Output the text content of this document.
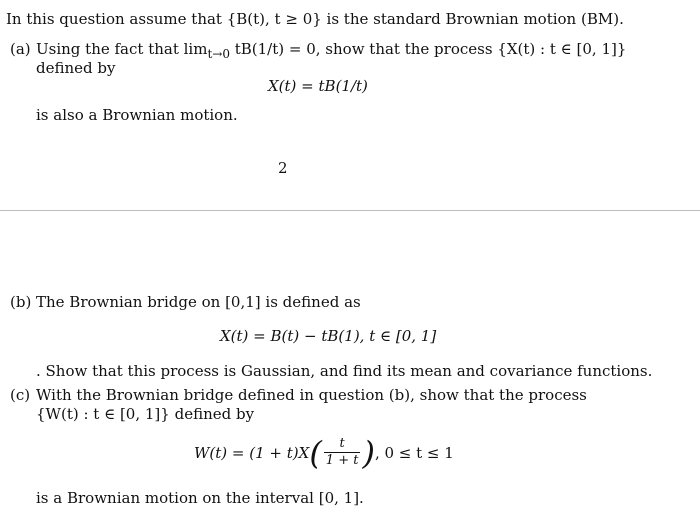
In this question assume that {B(t), t ≥ 0} is the standard Brownian motion (BM).
(a) Using the fact that $\lim_{t\to 0} tB(1/t) = 0$, show that the process {X(t) : t ∈ [0, 1]}
defined by
X(t) = tB(1/t)
is also a Brownian motion.
2
(b) The Brownian bridge on [0,1] is defined as
X(t) = B(t) − tB(1), t ∈ [0, 1]
. Show that this process is Gaussian, and find its mean and covariance functions.
(c) With the Brownian bridge defined in question (b), show that the process
{W(t) : t ∈ [0, 1]} defined by
W(t) = (1 + t)X ( $\frac{t}{1 + t}$ ) , 0 ≤ t ≤ 1
is a Brownian motion on the interval [0, 1].
